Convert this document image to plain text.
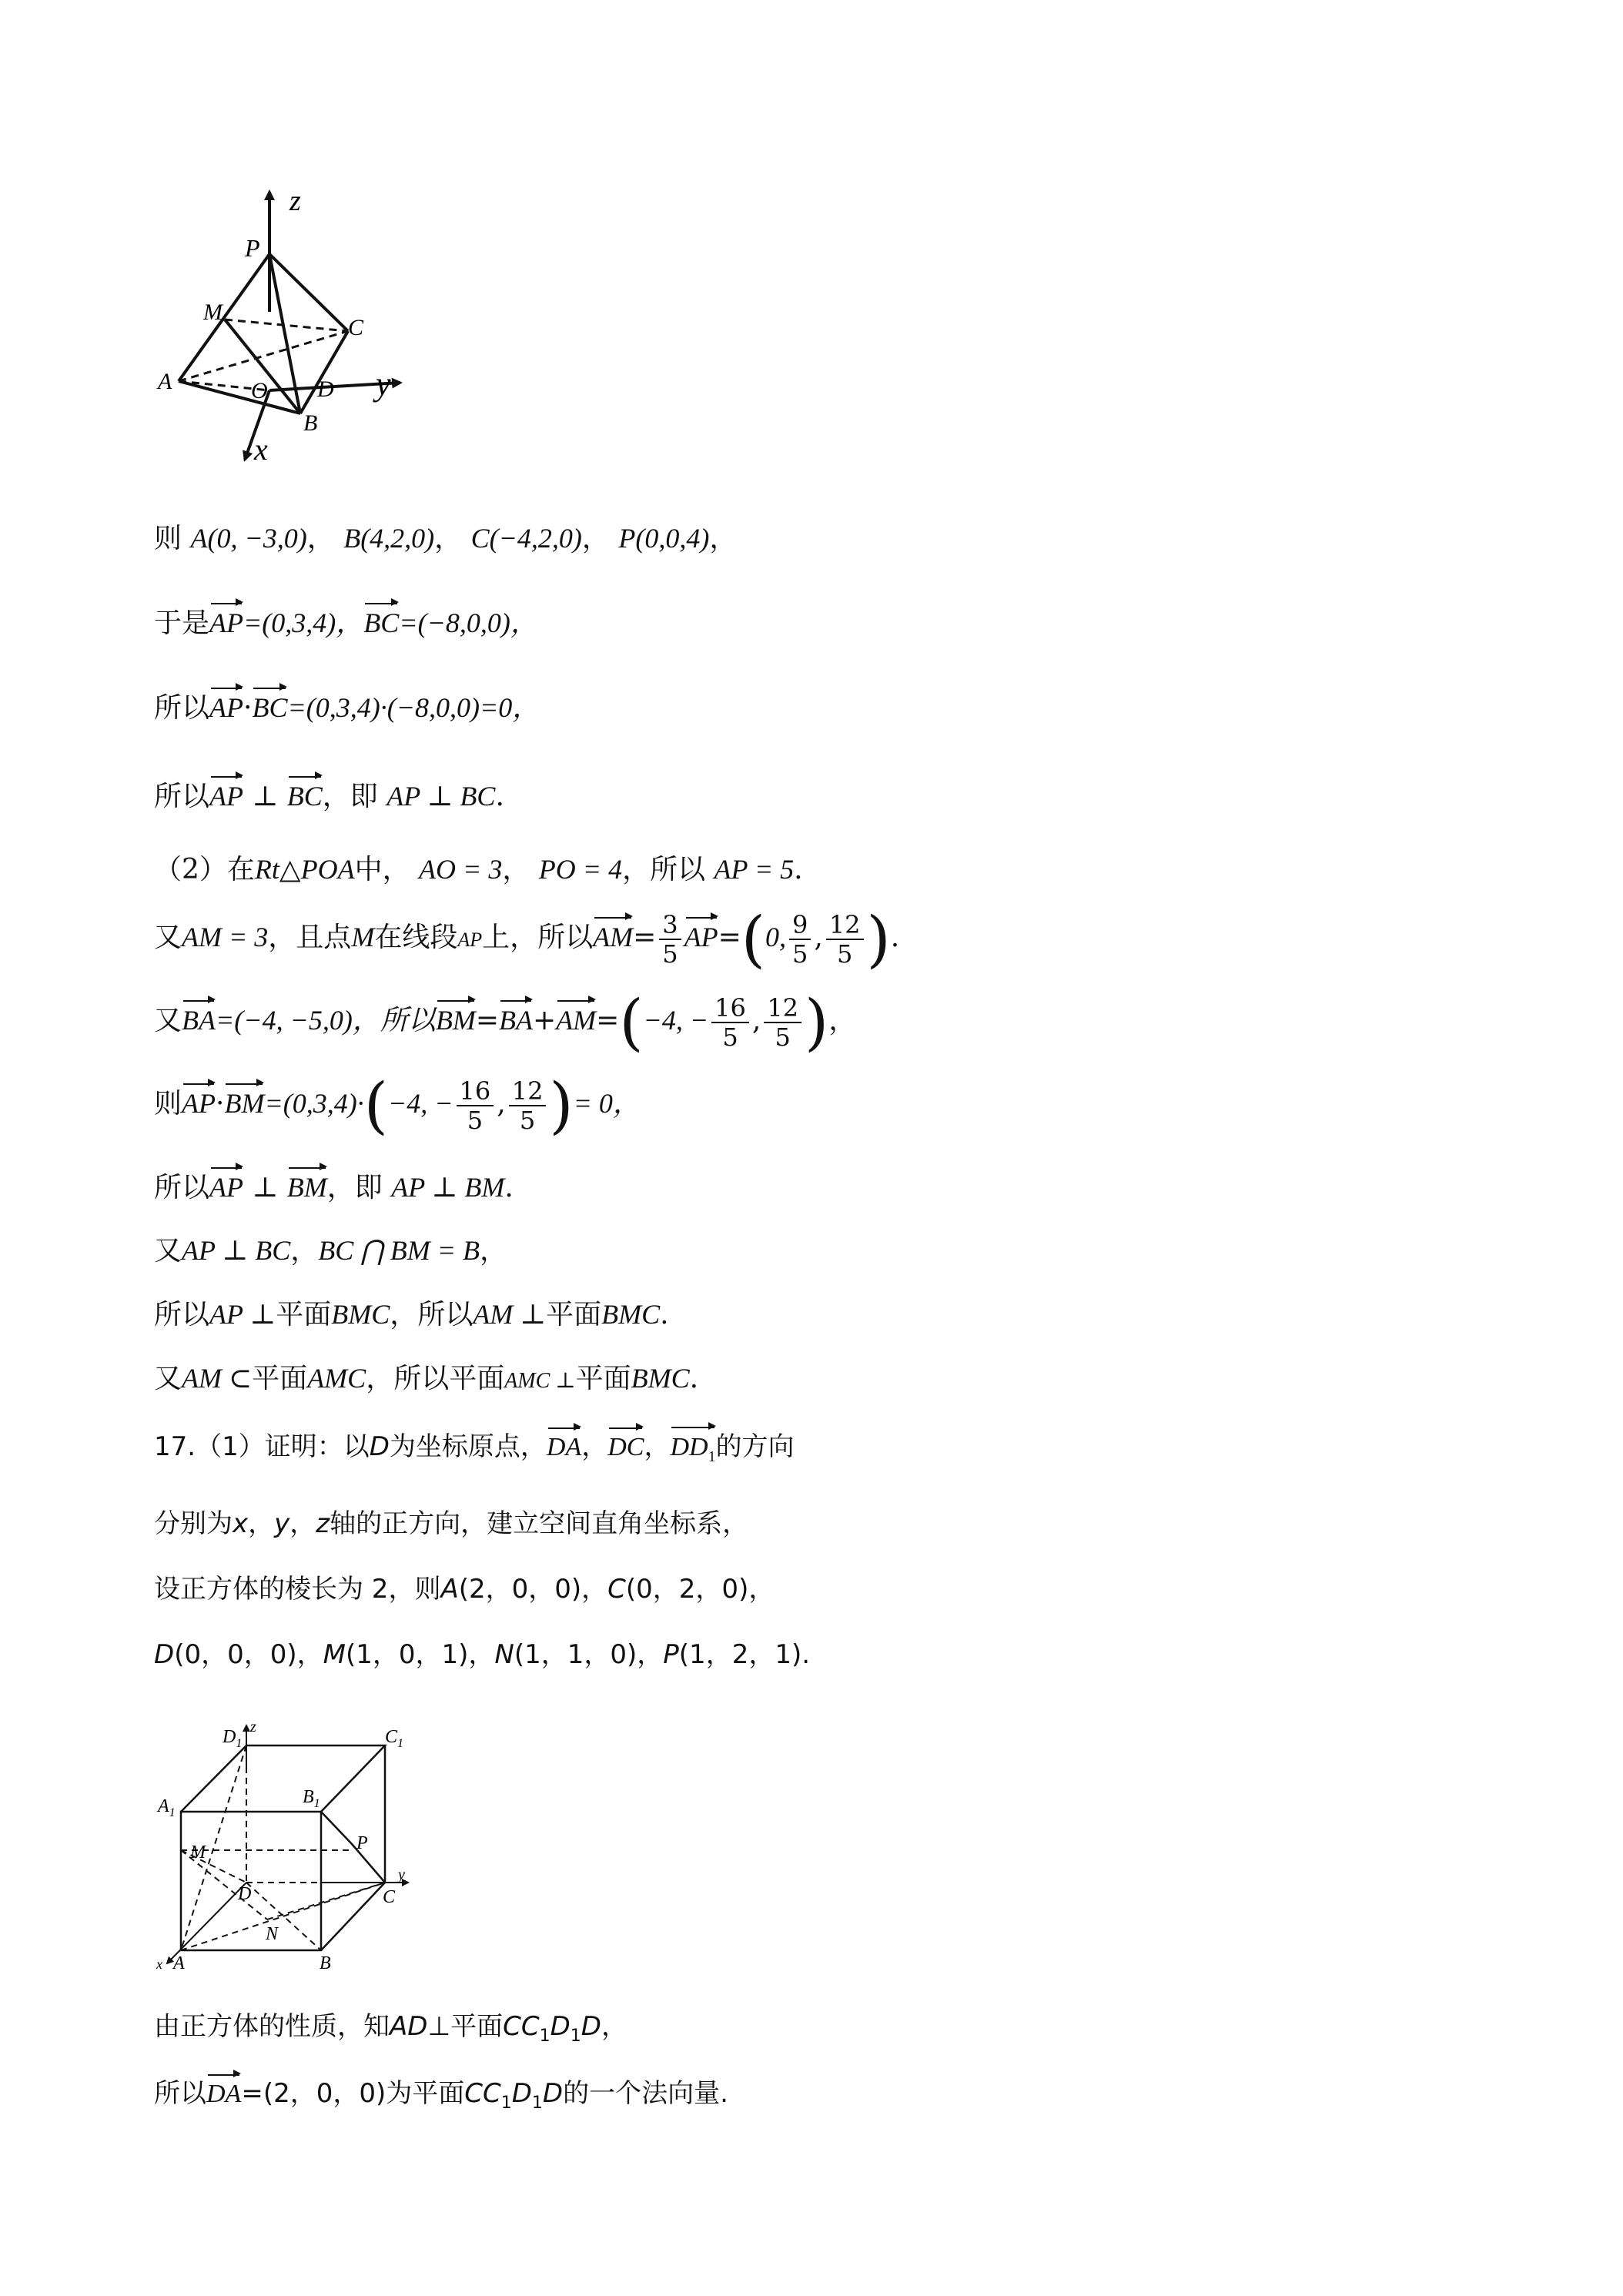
z
P
M
C
A	O D y
B
x
则 A(0, −3,0)， B(4,2,0)， C(−4,2,0)， P(0,0,4)，
于是AP=(0,3,4)，BC=(−8,0,0)，
所以AP·BC=(0,3,4)·(−8,0,0)=0，
所以AP ⊥ BC，即 AP ⊥ BC.
（2）在Rt△POA中， AO = 3， PO = 4，所以 AP = 5.
又AM = 3，且点M在线段AP上，所以$AM= \frac{3}{5} AP=(0$, $\frac{9}{5}$ , $\frac{12}{5}$ ).
又BA=(−4, −5,0)，所以BM=BA+AM=(−4, − $\frac{16}{5}$ , $\frac{12}{5}$ )，
则AP·BM=(0,3,4)·(−4, − $\frac{16}{5}$ , $\frac{12}{5}$ )= 0，
所以AP ⊥ BM，即 AP ⊥ BM.
又AP ⊥ BC，BC ⋂ BM = B，
所以AP ⊥平面BMC，所以AM ⊥平面BMC.
又AM ⊂平面AMC，所以平面AMC ⊥平面BMC.
17.（1）证明：以D为坐标原点，DA，DC，$DD_1$的方向
分别为x，y，z轴的正方向，建立空间直角坐标系，
设正方体的棱长为 2，则A(2，0，0)，C(0，2，0)，
D(0，0，0)，M(1，0，1)，N(1，1，0)，P(1，2，1).
$D_1$
z	$C_1$
$A_1$
$B_1$
M	P
y
D	C
N
x A	B
由正方体的性质，知AD⊥平面$CC_1D_1D$，
所以DA=(2，0，0)为平面$CC_1D_1D$的一个法向量.
